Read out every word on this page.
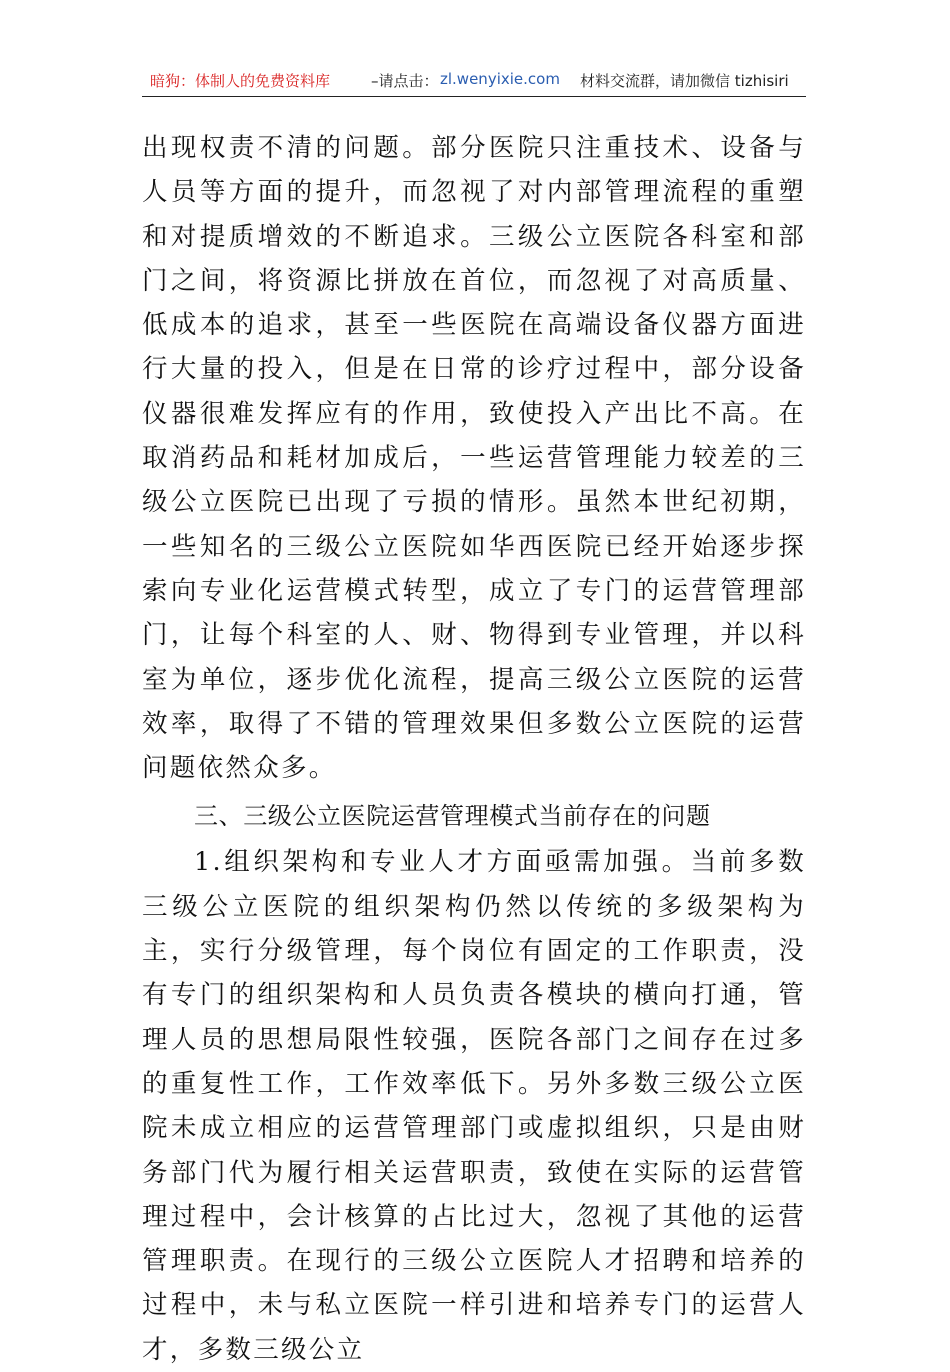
暗狗：体制人的免费资料库	–请点击： zl.wenyixie.com 材料交流群，请加微信 tizhisiri

出现权责不清的问题。部分医院只注重技术、设备与人员等方面的提升，而忽视了对内部管理流程的重塑和对提质增效的不断追求。三级公立医院各科室和部门之间，将资源比拼放在首位，而忽视了对高质量、低成本的追求，甚至一些医院在高端设备仪器方面进行大量的投入，但是在日常的诊疗过程中，部分设备仪器很难发挥应有的作用，致使投入产出比不高。在取消药品和耗材加成后，一些运营管理能力较差的三级公立医院已出现了亏损的情形。虽然本世纪初期，一些知名的三级公立医院如华西医院已经开始逐步探索向专业化运营模式转型，成立了专门的运营管理部门，让每个科室的人、财、物得到专业管理，并以科室为单位，逐步优化流程，提高三级公立医院的运营效率，取得了不错的管理效果但多数公立医院的运营问题依然众多。

三、三级公立医院运营管理模式当前存在的问题

1.组织架构和专业人才方面亟需加强。当前多数三级公立医院的组织架构仍然以传统的多级架构为主，实行分级管理，每个岗位有固定的工作职责，没有专门的组织架构和人员负责各模块的横向打通，管理人员的思想局限性较强，医院各部门之间存在过多的重复性工作，工作效率低下。另外多数三级公立医院未成立相应的运营管理部门或虚拟组织，只是由财务部门代为履行相关运营职责，致使在实际的运营管理过程中，会计核算的占比过大，忽视了其他的运营管理职责。在现行的三级公立医院人才招聘和培养的过程中，未与私立医院一样引进和培养专门的运营人才，多数三级公立
